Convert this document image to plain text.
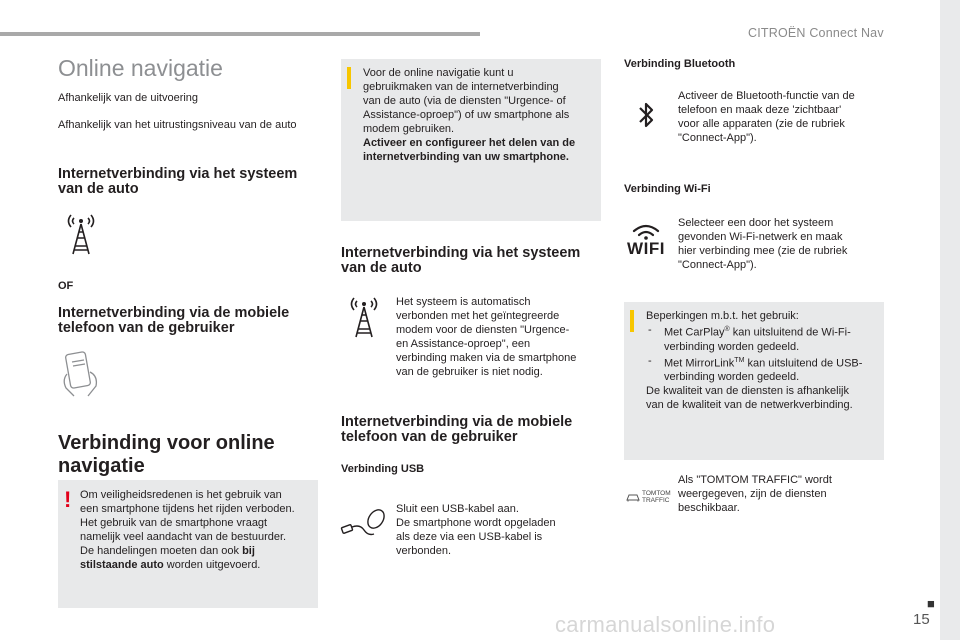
CITROËN Connect Nav
■
15
carmanualsonline.info
Online navigatie
Afhankelijk van de uitvoering
Afhankelijk van het uitrustingsniveau van de auto
Internetverbinding via het systeem
van de auto
OF
Internetverbinding via de mobiele
telefoon van de gebruiker
Verbinding voor online
navigatie
! Om veiligheidsredenen is het gebruik van
een smartphone tijdens het rijden verboden.
Het gebruik van de smartphone vraagt
namelijk veel aandacht van de bestuurder.
De handelingen moeten dan ook bij
stilstaande auto worden uitgevoerd.
Voor de online navigatie kunt u
gebruikmaken van de internetverbinding
van de auto (via de diensten "Urgence- of
Assistance-oproep") of uw smartphone als
modem gebruiken.
Activeer en configureer het delen van de
internetverbinding van uw smartphone.
Internetverbinding via het systeem
van de auto
Het systeem is automatisch
verbonden met het geïntegreerde
modem voor de diensten "Urgence-
en Assistance-oproep", een
verbinding maken via de smartphone
van de gebruiker is niet nodig.
Internetverbinding via de mobiele
telefoon van de gebruiker
Verbinding USB
Sluit een USB-kabel aan.
De smartphone wordt opgeladen
als deze via een USB-kabel is
verbonden.
Verbinding Bluetooth
Activeer de Bluetooth-functie van de
telefoon en maak deze 'zichtbaar'
voor alle apparaten (zie de rubriek
"Connect-App").
Verbinding Wi-Fi
WIFI
Selecteer een door het systeem
gevonden Wi-Fi-netwerk en maak
hier verbinding mee (zie de rubriek
"Connect-App").
Beperkingen m.b.t. het gebruik:
- Met CarPlay® kan uitsluitend de Wi-Fi-
verbinding worden gedeeld.
- Met MirrorLink™ kan uitsluitend de USB-
verbinding worden gedeeld.
De kwaliteit van de diensten is afhankelijk
van de kwaliteit van de netwerkverbinding.
TOMTOM
TRAFFIC
Als "TOMTOM TRAFFIC" wordt
weergegeven, zijn de diensten
beschikbaar.
